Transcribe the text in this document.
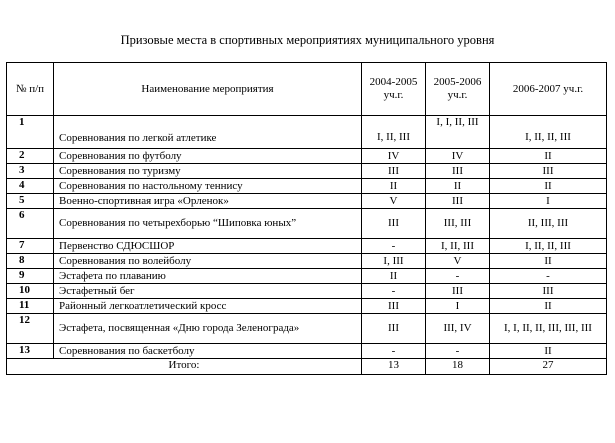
Призовые места в спортивных мероприятиях муниципального уровня
№ п/п	Наименование мероприятия	2004-2005 уч.г.	2005-2006 уч.г.	2006-2007 уч.г.
1	Соревнования по легкой атлетике	I, II, III	I, I, II, III	I, II, II, III
2	Соревнования по футболу	IV	IV	II
3	Соревнования по туризму	III	III	III
4	Соревнования по настольному теннису	II	II	II
5	Военно-спортивная игра «Орленок»	V	III	I
6	Соревнования по четырехборью “Шиповка юных”	III	III, III	II, III, III
7	Первенство СДЮСШОР	-	I, II, III	I, II, II, III
8	Соревнования по волейболу	I, III	V	II
9	Эстафета по плаванию	II	-	-
10	Эстафетный бег	-	III	III
11	Районный легкоатлетический кросс	III	I	II
12	Эстафета, посвященная «Дню города Зеленограда»	III	III, IV	I, I, II, II, III, III, III
13	Соревнования по баскетболу	-	-	II
Итого:		13	18	27
